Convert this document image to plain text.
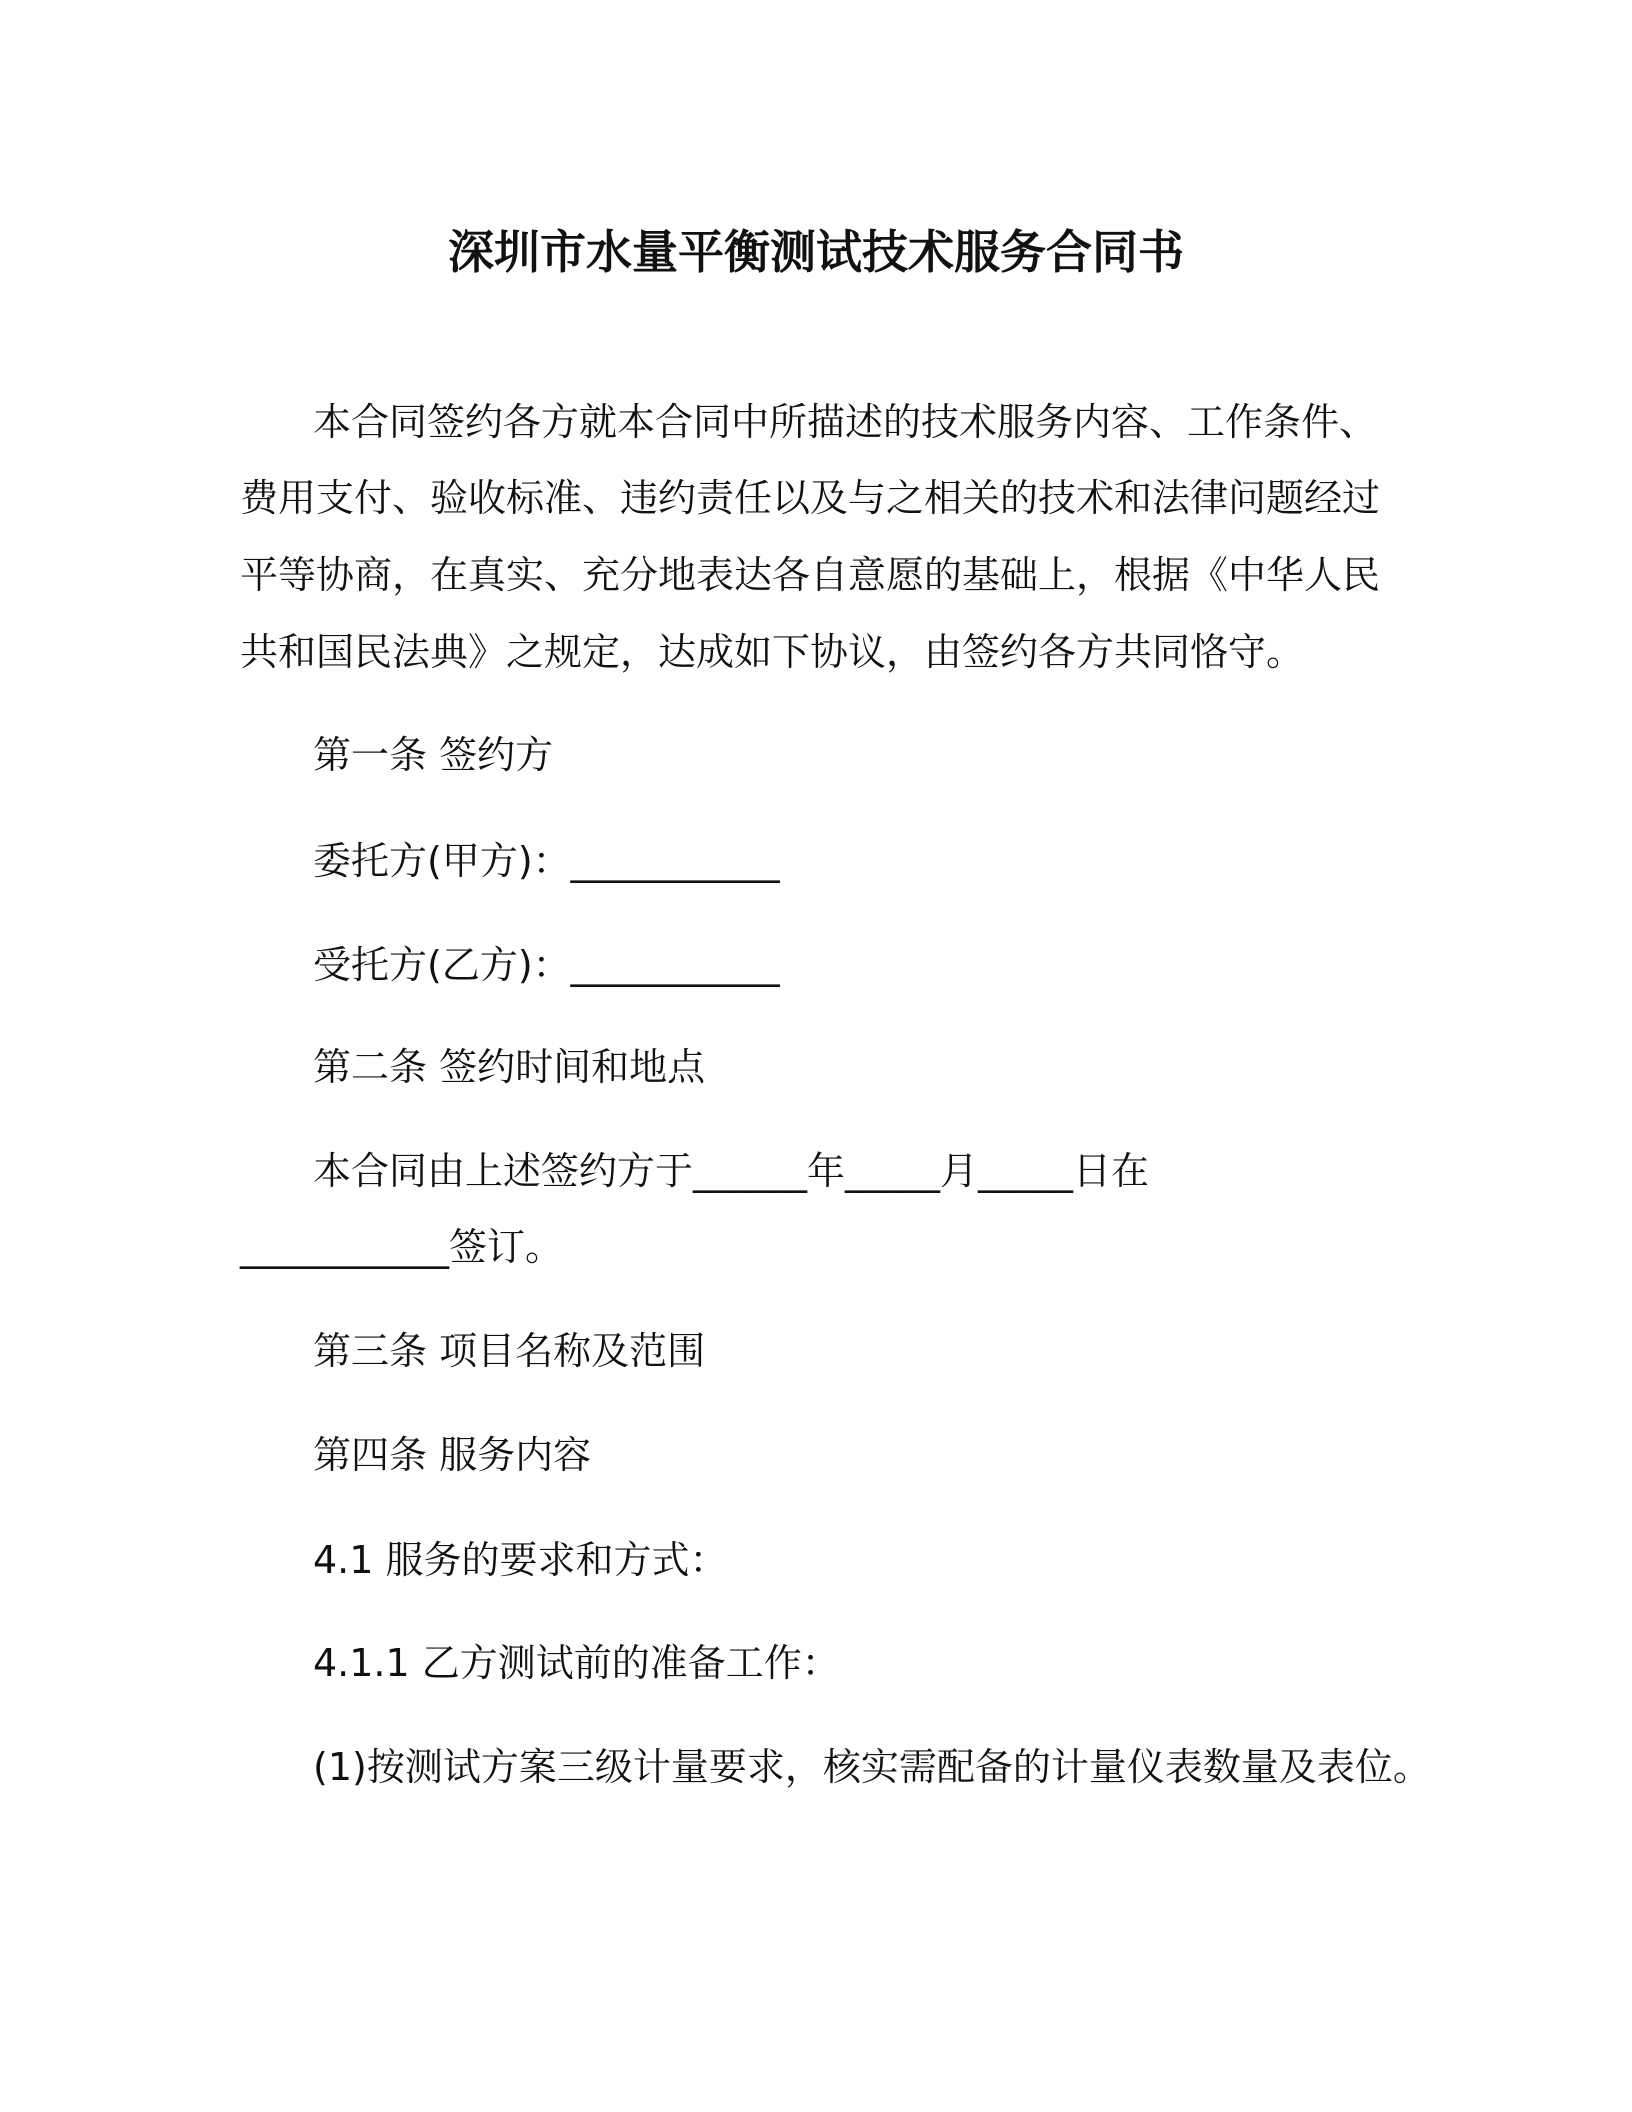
深圳市水量平衡测试技术服务合同书
本合同签约各方就本合同中所描述的技术服务内容、工作条件、
费用支付、验收标准、违约责任以及与之相关的技术和法律问题经过
平等协商，在真实、充分地表达各自意愿的基础上，根据《中华人民
共和国民法典》之规定，达成如下协议，由签约各方共同恪守。
第一条 签约方
委托方(甲方)：___________
受托方(乙方)：___________
第二条 签约时间和地点
本合同由上述签约方于______年_____月_____日在
___________签订。
第三条 项目名称及范围
第四条 服务内容
4.1 服务的要求和方式：
4.1.1 乙方测试前的准备工作：
(1)按测试方案三级计量要求，核实需配备的计量仪表数量及表位。
